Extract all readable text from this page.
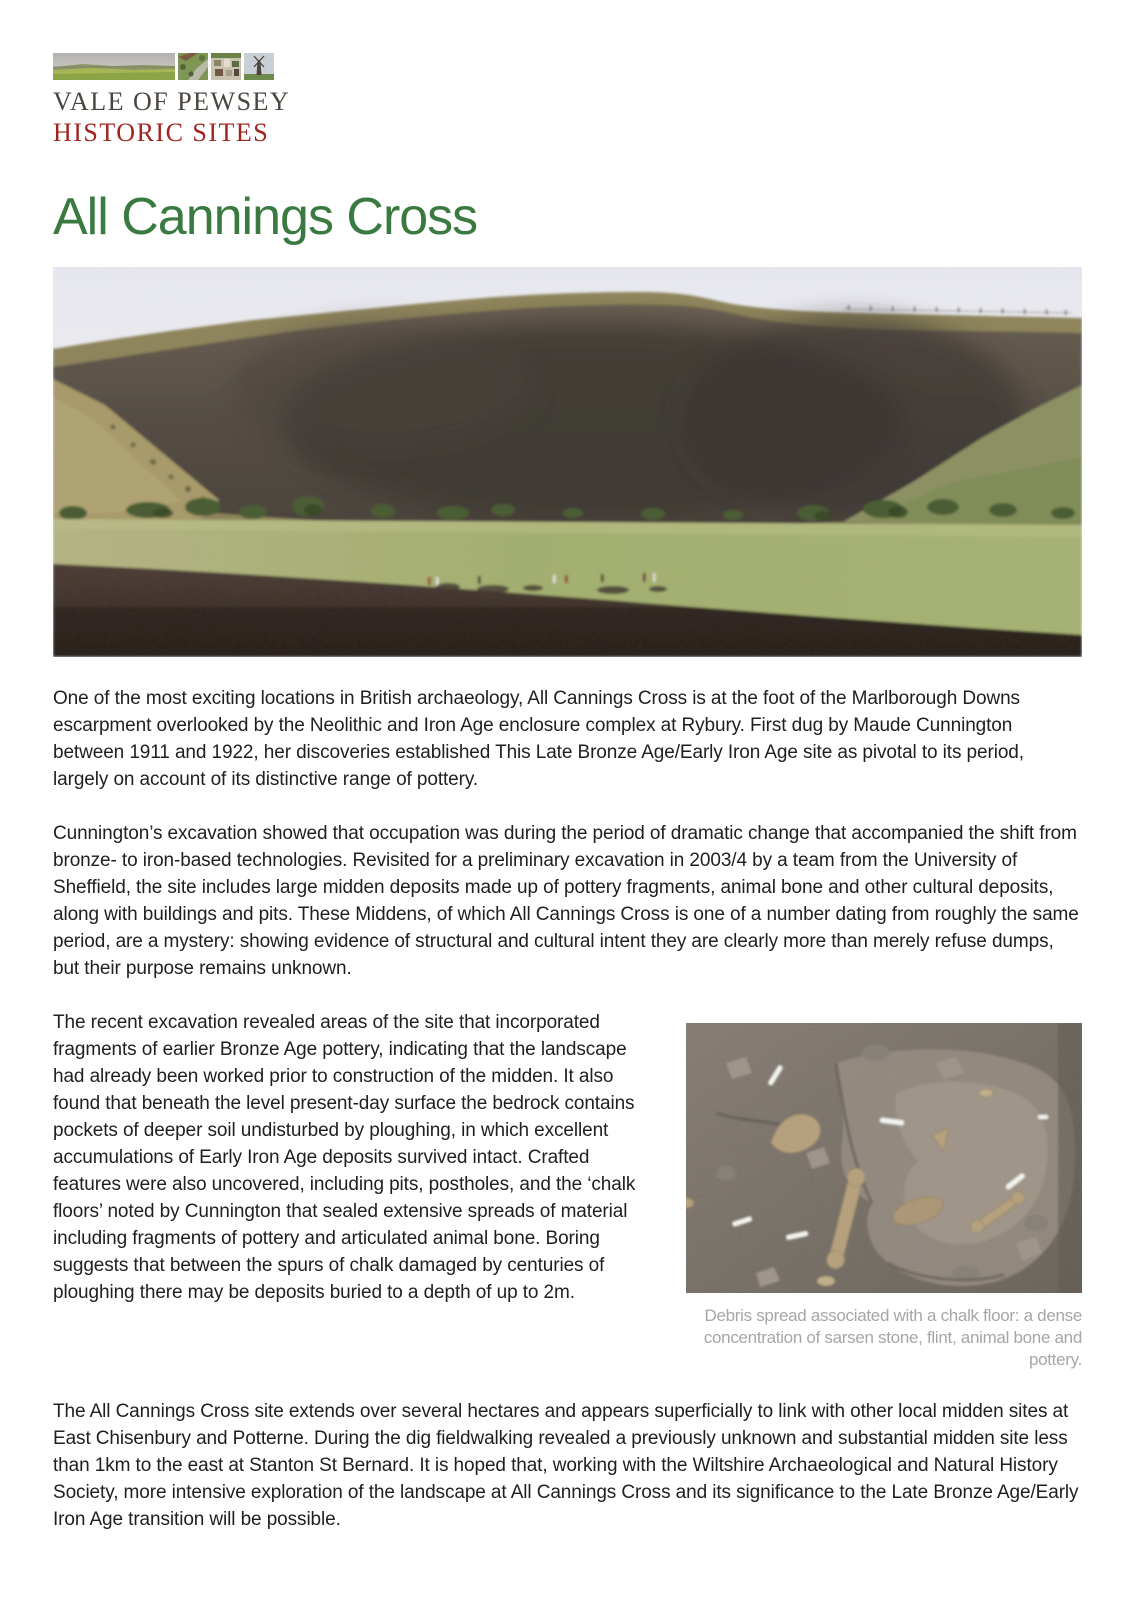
VALE OF PEWSEY
HISTORIC SITES
All Cannings Cross

One of the most exciting locations in British archaeology, All Cannings Cross is at the foot of the Marlborough Downs escarpment overlooked by the Neolithic and Iron Age enclosure complex at Rybury. First dug by Maude Cunnington between 1911 and 1922, her discoveries established This Late Bronze Age/Early Iron Age site as pivotal to its period, largely on account of its distinctive range of pottery.

Cunnington’s excavation showed that occupation was during the period of dramatic change that accompanied the shift from bronze- to iron-based technologies. Revisited for a preliminary excavation in 2003/4 by a team from the University of Sheffield, the site includes large midden deposits made up of pottery fragments, animal bone and other cultural deposits, along with buildings and pits. These Middens, of which All Cannings Cross is one of a number dating from roughly the same period, are a mystery: showing evidence of structural and cultural intent they are clearly more than merely refuse dumps, but their purpose remains unknown.

The recent excavation revealed areas of the site that incorporated fragments of earlier Bronze Age pottery, indicating that the landscape had already been worked prior to construction of the midden. It also found that beneath the level present-day surface the bedrock contains pockets of deeper soil undisturbed by ploughing, in which excellent accumulations of Early Iron Age deposits survived intact. Crafted features were also uncovered, including pits, postholes, and the ‘chalk floors’ noted by Cunnington that sealed extensive spreads of material including fragments of pottery and articulated animal bone. Boring suggests that between the spurs of chalk damaged by centuries of ploughing there may be deposits buried to a depth of up to 2m.

Debris spread associated with a chalk floor: a dense concentration of sarsen stone, flint, animal bone and pottery.

The All Cannings Cross site extends over several hectares and appears superficially to link with other local midden sites at East Chisenbury and Potterne. During the dig fieldwalking revealed a previously unknown and substantial midden site less than 1km to the east at Stanton St Bernard. It is hoped that, working with the Wiltshire Archaeological and Natural History Society, more intensive exploration of the landscape at All Cannings Cross and its significance to the Late Bronze Age/Early Iron Age transition will be possible.
